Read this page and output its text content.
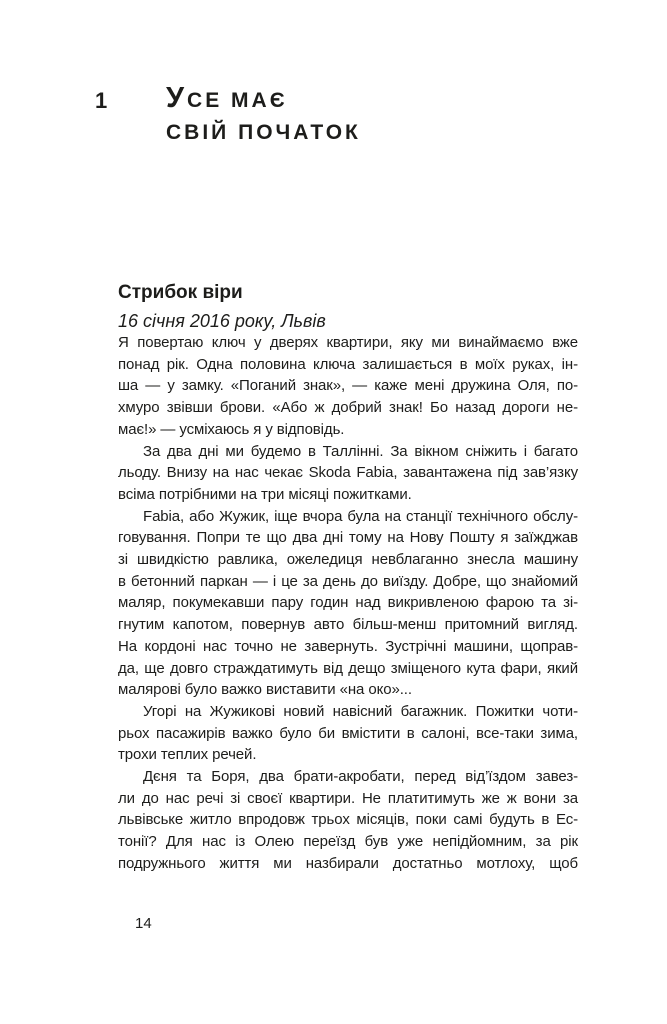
1 УСЕ МАЄ
СВІЙ ПОЧАТОК
Стрибок віри
16 січня 2016 року, Львів
Я повертаю ключ у дверях квартири, яку ми винаймаємо вже
понад рік. Одна половина ключа залишається в моїх руках, ін-
ша — у замку. «Поганий знак», — каже мені дружина Оля, по-
хмуро звівши брови. «Або ж добрий знак! Бо назад дороги не-
має!» — усміхаюсь я у відповідь.
За два дні ми будемо в Таллінні. За вікном сніжить і багато
льоду. Внизу на нас чекає Skoda Fabia, завантажена під зав’язку
всіма потрібними на три місяці пожитками.
Fabia, або Жужик, іще вчора була на станції технічного обслу-
говування. Попри те що два дні тому на Нову Пошту я заїжджав
зі швидкістю равлика, ожеледиця невблаганно знесла машину
в бетонний паркан — і це за день до виїзду. Добре, що знайомий
маляр, покумекавши пару годин над викривленою фарою та зі-
гнутим капотом, повернув авто більш-менш притомний вигляд.
На кордоні нас точно не завернуть. Зустрічні машини, щоправ-
да, ще довго страждатимуть від дещо зміщеного кута фари, який
малярові було важко виставити «на око»...
Угорі на Жужикові новий навісний багажник. Пожитки чоти-
рьох пасажирів важко було би вмістити в салоні, все-таки зима,
трохи теплих речей.
Дєня та Боря, два брати-акробати, перед від’їздом завез-
ли до нас речі зі своєї квартири. Не платитимуть же ж вони за
львівське житло впродовж трьох місяців, поки самі будуть в Ес-
тонії? Для нас із Олею переїзд був уже непідйомним, за рік
подружнього життя ми назбирали достатньо мотлоху, щоб
14
